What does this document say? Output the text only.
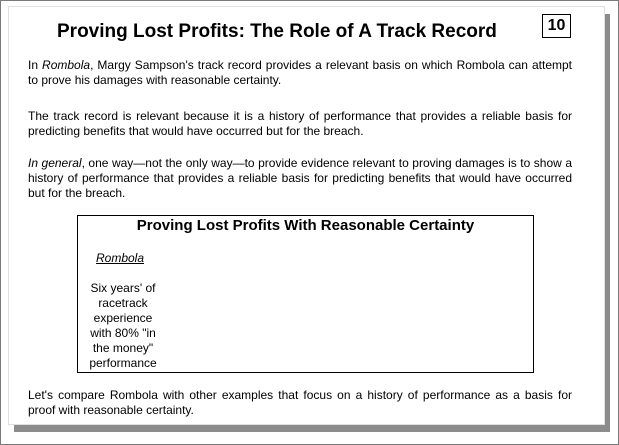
Proving Lost Profits: The Role of A Track Record	10
In Rombola, Margy Sampson's track record provides a relevant basis on which Rombola can attempt to prove his damages with reasonable certainty.
The track record is relevant because it is a history of performance that provides a reliable basis for predicting benefits that would have occurred but for the breach.
In general, one way—not the only way—to provide evidence relevant to proving damages is to show a history of performance that provides a reliable basis for predicting benefits that would have occurred but for the breach.
Proving Lost Profits With Reasonable Certainty
Rombola
Six years' of racetrack experience with 80% "in the money" performance
Let's compare Rombola with other examples that focus on a history of performance as a basis for proof with reasonable certainty.
